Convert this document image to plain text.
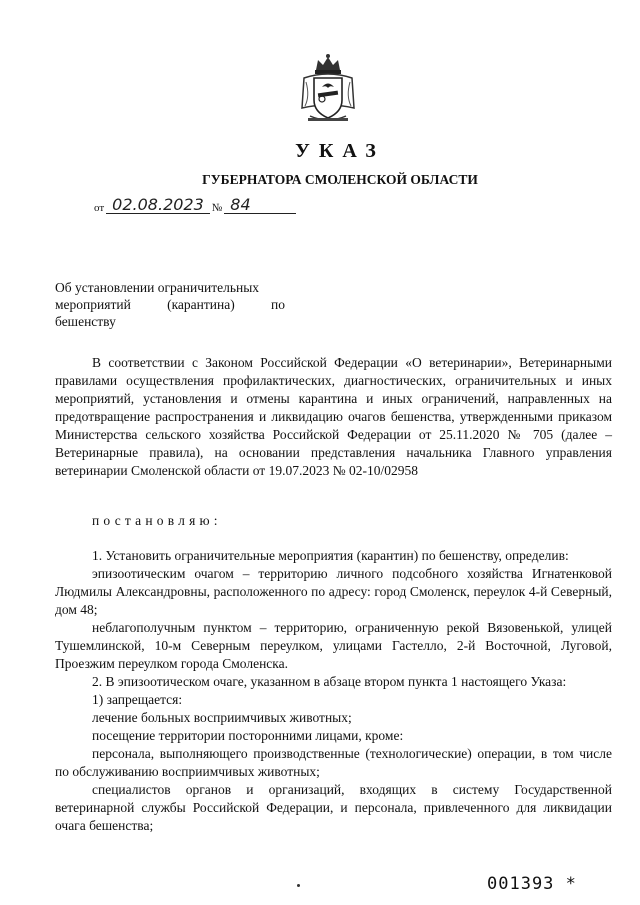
УКАЗ
ГУБЕРНАТОРА СМОЛЕНСКОЙ ОБЛАСТИ
от 02.08.2023 № 84
Об установлении ограничительных
мероприятий (карантина) по
бешенству

В соответствии с Законом Российской Федерации «О ветеринарии», Ветеринарными правилами осуществления профилактических, диагностических, ограничительных и иных мероприятий, установления и отмены карантина и иных ограничений, направленных на предотвращение распространения и ликвидацию очагов бешенства, утвержденными приказом Министерства сельского хозяйства Российской Федерации от 25.11.2020 № 705 (далее – Ветеринарные правила), на основании представления начальника Главного управления ветеринарии Смоленской области от 19.07.2023 № 02-10/02958

постановляю:

1. Установить ограничительные мероприятия (карантин) по бешенству, определив:

эпизоотическим очагом – территорию личного подсобного хозяйства Игнатенковой Людмилы Александровны, расположенного по адресу: город Смоленск, переулок 4-й Северный, дом 48;

неблагополучным пунктом – территорию, ограниченную рекой Вязовенькой, улицей Тушемлинской, 10-м Северным переулком, улицами Гастелло, 2-й Восточной, Луговой, Проезжим переулком города Смоленска.

2. В эпизоотическом очаге, указанном в абзаце втором пункта 1 настоящего Указа:

1) запрещается:

лечение больных восприимчивых животных;

посещение территории посторонними лицами, кроме:

персонала, выполняющего производственные (технологические) операции, в том числе по обслуживанию восприимчивых животных;

специалистов органов и организаций, входящих в систему Государственной ветеринарной службы Российской Федерации, и персонала, привлеченного для ликвидации очага бешенства;

001393 *
